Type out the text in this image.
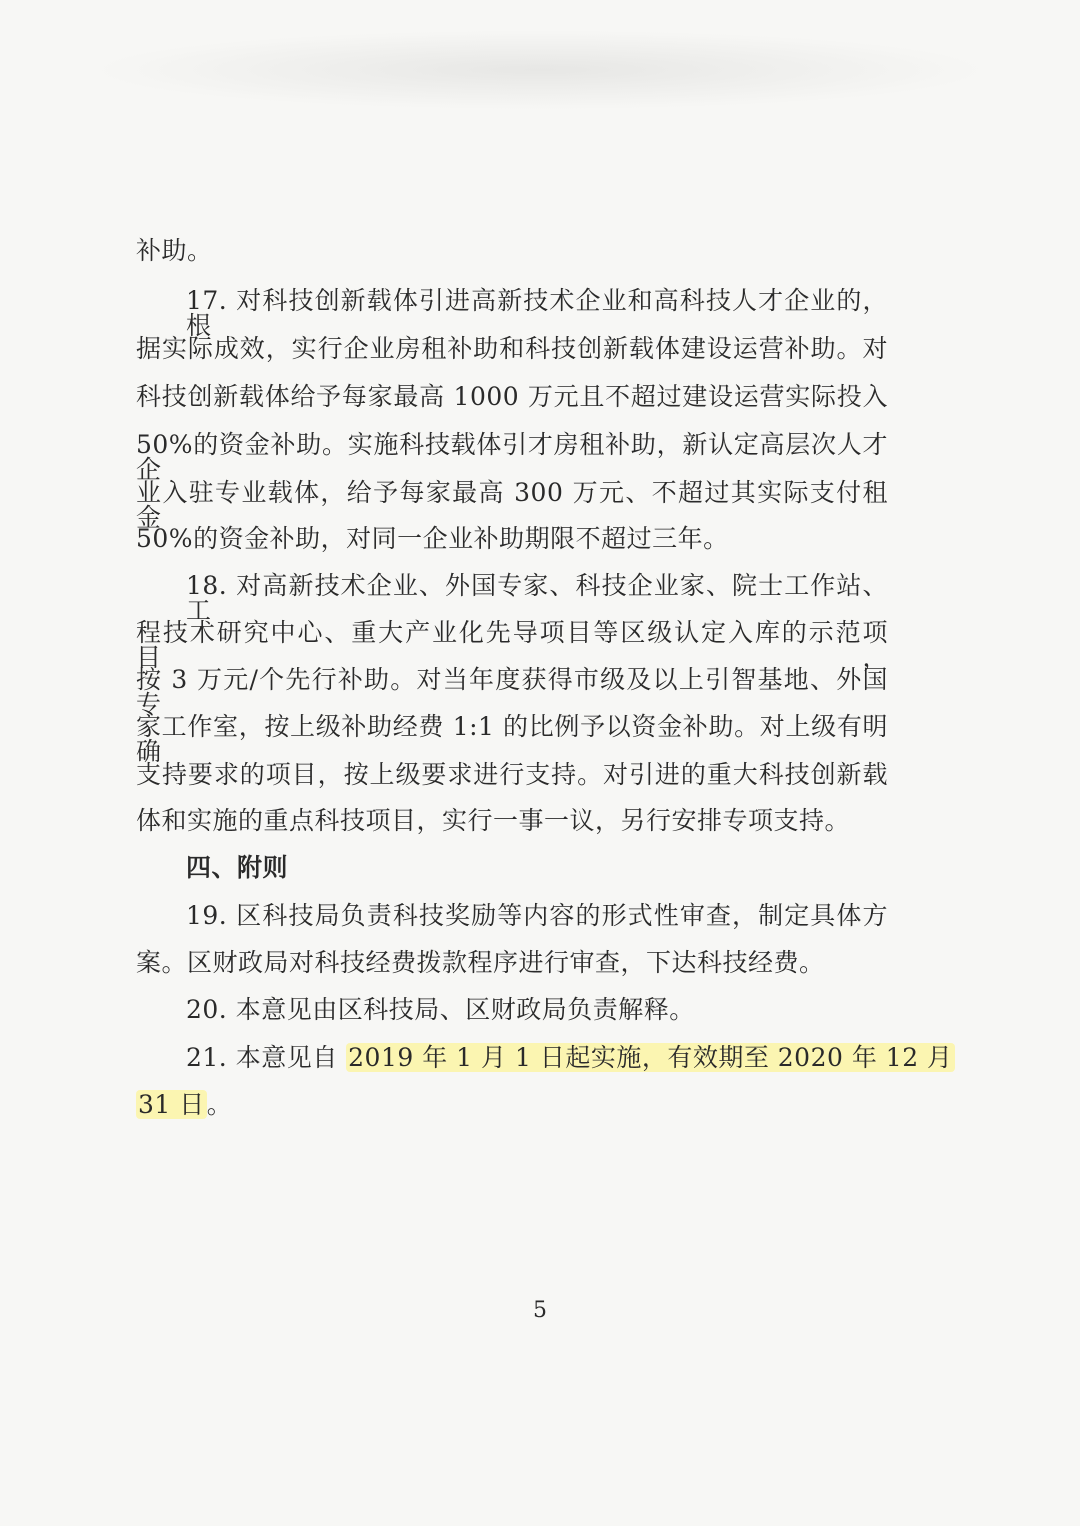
补助。
17. 对科技创新载体引进高新技术企业和高科技人才企业的，根
据实际成效，实行企业房租补助和科技创新载体建设运营补助。对
科技创新载体给予每家最高 1000 万元且不超过建设运营实际投入
50%的资金补助。实施科技载体引才房租补助，新认定高层次人才企
业入驻专业载体，给予每家最高 300 万元、不超过其实际支付租金
50%的资金补助，对同一企业补助期限不超过三年。
18. 对高新技术企业、外国专家、科技企业家、院士工作站、工
程技术研究中心、重大产业化先导项目等区级认定入库的示范项目，
按 3 万元/个先行补助。对当年度获得市级及以上引智基地、外国专
家工作室，按上级补助经费 1:1 的比例予以资金补助。对上级有明确
支持要求的项目，按上级要求进行支持。对引进的重大科技创新载
体和实施的重点科技项目，实行一事一议，另行安排专项支持。
四、附则
19. 区科技局负责科技奖励等内容的形式性审查，制定具体方
案。区财政局对科技经费拨款程序进行审查，下达科技经费。
20. 本意见由区科技局、区财政局负责解释。
21. 本意见自 2019 年 1 月 1 日起实施，有效期至 2020 年 12 月
31 日。
5
